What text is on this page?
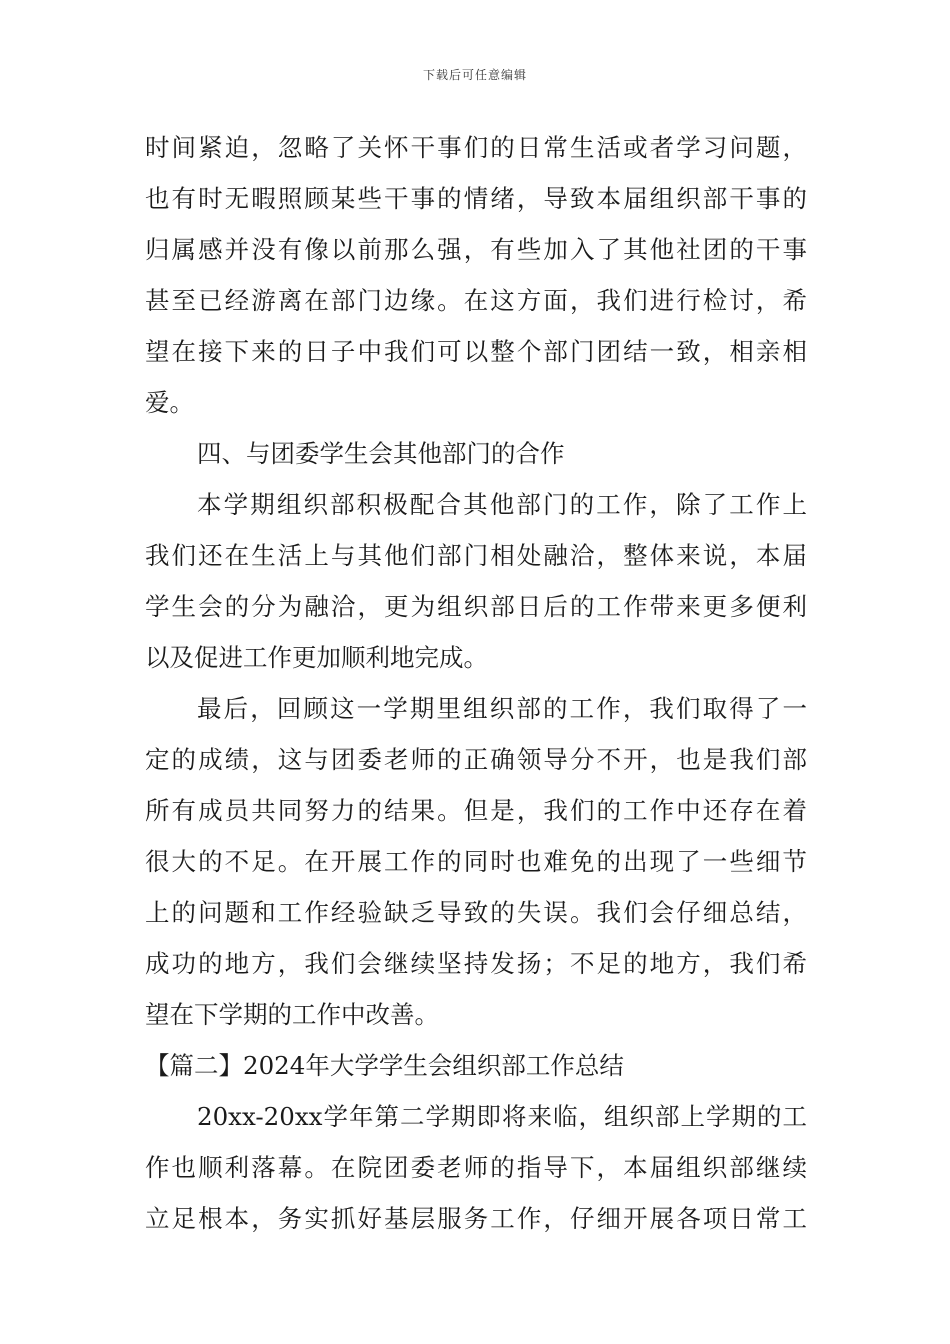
下载后可任意编辑
时间紧迫，忽略了关怀干事们的日常生活或者学习问题，
也有时无暇照顾某些干事的情绪，导致本届组织部干事的
归属感并没有像以前那么强，有些加入了其他社团的干事
甚至已经游离在部门边缘。在这方面，我们进行检讨，希
望在接下来的日子中我们可以整个部门团结一致，相亲相
爱。
四、与团委学生会其他部门的合作
本学期组织部积极配合其他部门的工作，除了工作上
我们还在生活上与其他们部门相处融洽，整体来说，本届
学生会的分为融洽，更为组织部日后的工作带来更多便利
以及促进工作更加顺利地完成。
最后，回顾这一学期里组织部的工作，我们取得了一
定的成绩，这与团委老师的正确领导分不开，也是我们部
所有成员共同努力的结果。但是，我们的工作中还存在着
很大的不足。在开展工作的同时也难免的出现了一些细节
上的问题和工作经验缺乏导致的失误。我们会仔细总结，
成功的地方，我们会继续坚持发扬；不足的地方，我们希
望在下学期的工作中改善。
【篇二】2024年大学学生会组织部工作总结
20xx-20xx学年第二学期即将来临，组织部上学期的工
作也顺利落幕。在院团委老师的指导下，本届组织部继续
立足根本，务实抓好基层服务工作，仔细开展各项日常工
